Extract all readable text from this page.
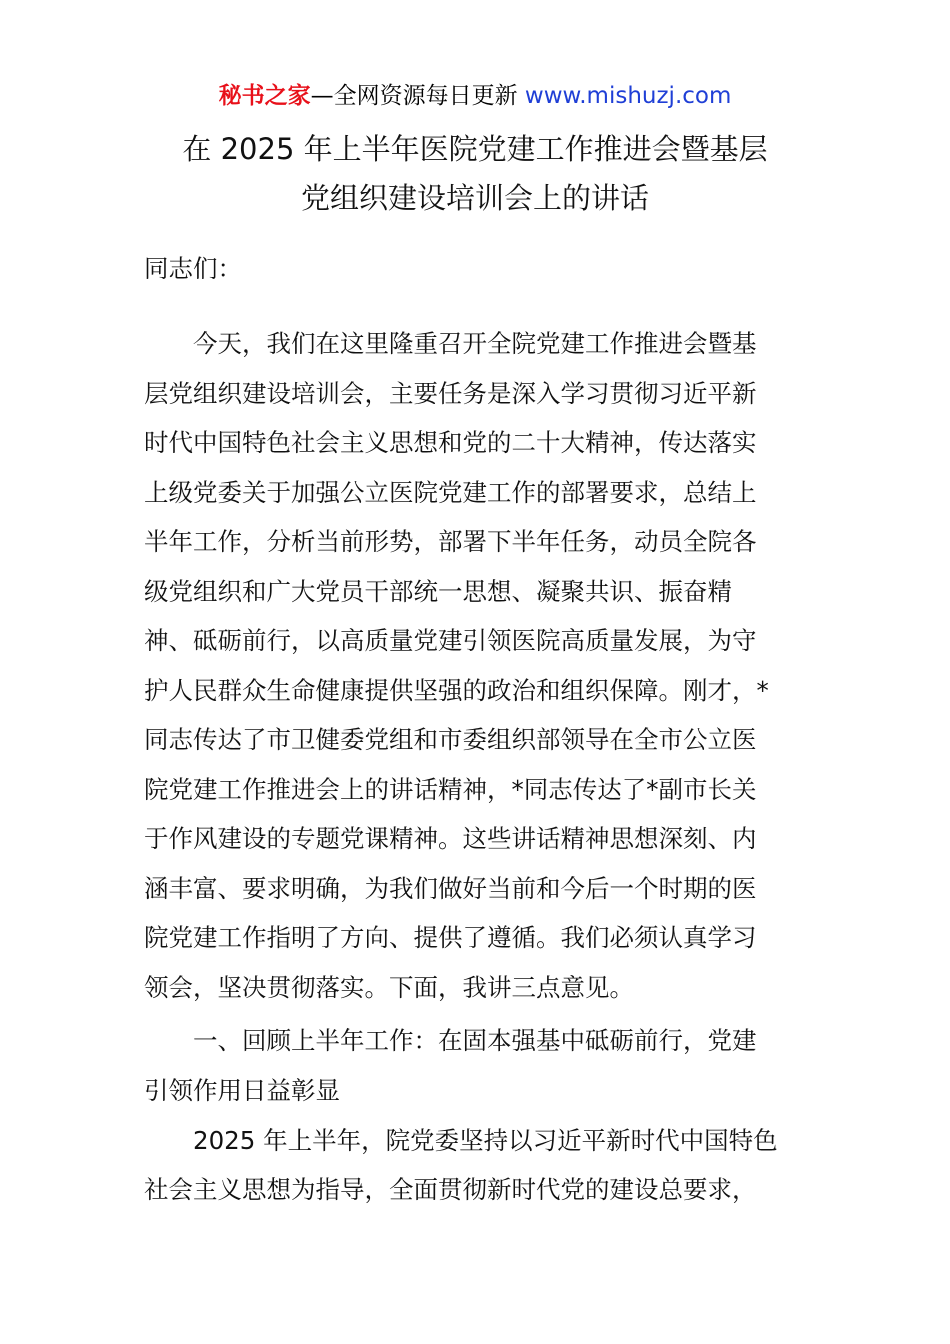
秘书之家—全网资源每日更新 www.mishuzj.com
在 2025 年上半年医院党建工作推进会暨基层
党组织建设培训会上的讲话
同志们：
　　今天，我们在这里隆重召开全院党建工作推进会暨基
层党组织建设培训会，主要任务是深入学习贯彻习近平新
时代中国特色社会主义思想和党的二十大精神，传达落实
上级党委关于加强公立医院党建工作的部署要求，总结上
半年工作，分析当前形势，部署下半年任务，动员全院各
级党组织和广大党员干部统一思想、凝聚共识、振奋精
神、砥砺前行，以高质量党建引领医院高质量发展，为守
护人民群众生命健康提供坚强的政治和组织保障。刚才，*
同志传达了市卫健委党组和市委组织部领导在全市公立医
院党建工作推进会上的讲话精神，*同志传达了*副市长关
于作风建设的专题党课精神。这些讲话精神思想深刻、内
涵丰富、要求明确，为我们做好当前和今后一个时期的医
院党建工作指明了方向、提供了遵循。我们必须认真学习
领会，坚决贯彻落实。下面，我讲三点意见。
　　一、回顾上半年工作：在固本强基中砥砺前行，党建
引领作用日益彰显
　　2025 年上半年，院党委坚持以习近平新时代中国特色
社会主义思想为指导，全面贯彻新时代党的建设总要求，
